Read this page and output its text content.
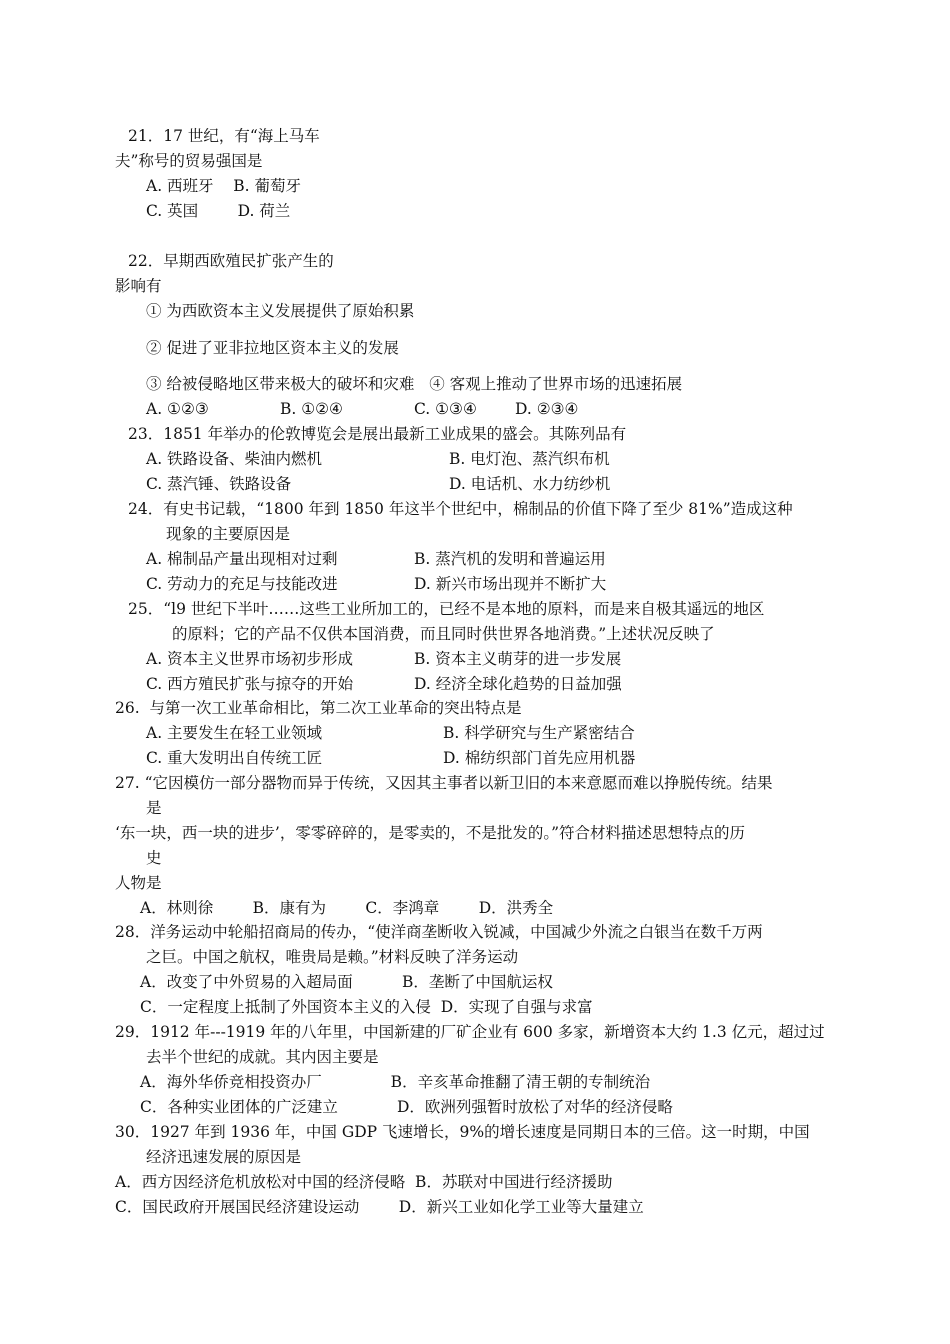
21．17 世纪，有“海上马车
夫”称号的贸易强国是
A. 西班牙    B. 葡萄牙
C. 英国        D. 荷兰
22．早期西欧殖民扩张产生的
影响有
① 为西欧资本主义发展提供了原始积累
② 促进了亚非拉地区资本主义的发展
③ 给被侵略地区带来极大的破坏和灾难   ④ 客观上推动了世界市场的迅速拓展
A. ①②③	B. ①②④	C. ①③④ D. ②③④
23．1851 年举办的伦敦博览会是展出最新工业成果的盛会。其陈列品有
A. 铁路设备、柴油内燃机	B. 电灯泡、蒸汽织布机
C. 蒸汽锤、铁路设备	D. 电话机、水力纺纱机
24．有史书记载，“1800 年到 1850 年这半个世纪中，棉制品的价值下降了至少 81%”造成这种
现象的主要原因是
A. 棉制品产量出现相对过剩	B. 蒸汽机的发明和普遍运用
C. 劳动力的充足与技能改进	D. 新兴市场出现并不断扩大
25．“l9 世纪下半叶……这些工业所加工的，已经不是本地的原料，而是来自极其遥远的地区
的原料；它的产品不仅供本国消费，而且同时供世界各地消费。”上述状况反映了
A. 资本主义世界市场初步形成	B. 资本主义萌芽的进一步发展
C. 西方殖民扩张与掠夺的开始	D. 经济全球化趋势的日益加强
26.  与第一次工业革命相比，第二次工业革命的突出特点是
A. 主要发生在轻工业领域	B. 科学研究与生产紧密结合
C. 重大发明出自传统工匠	D. 棉纺织部门首先应用机器
27. “它因模仿一部分器物而异于传统，又因其主事者以新卫旧的本来意愿而难以挣脱传统。结果
是
‘东一块，西一块的进步’，零零碎碎的，是零卖的，不是批发的。”符合材料描述思想特点的历
史
人物是
A．林则徐        B．康有为        C．李鸿章        D．洪秀全
28．洋务运动中轮船招商局的传办，“使洋商垄断收入锐减，中国减少外流之白银当在数千万两
之巨。中国之航权，唯贵局是赖。”材料反映了洋务运动
A．改变了中外贸易的入超局面          B．垄断了中国航运权
C．一定程度上抵制了外国资本主义的入侵  D．实现了自强与求富
29．1912 年---1919 年的八年里，中国新建的厂矿企业有 600 多家，新增资本大约 1.3 亿元，超过过
去半个世纪的成就。其内因主要是
A．海外华侨竞相投资办厂              B．辛亥革命推翻了清王朝的专制统治
C．各种实业团体的广泛建立            D．欧洲列强暂时放松了对华的经济侵略
30．1927 年到 1936 年，中国 GDP 飞速增长，9%的增长速度是同期日本的三倍。这一时期，中国
经济迅速发展的原因是
A．西方因经济危机放松对中国的经济侵略  B．苏联对中国进行经济援助
C．国民政府开展国民经济建设运动        D．新兴工业如化学工业等大量建立
